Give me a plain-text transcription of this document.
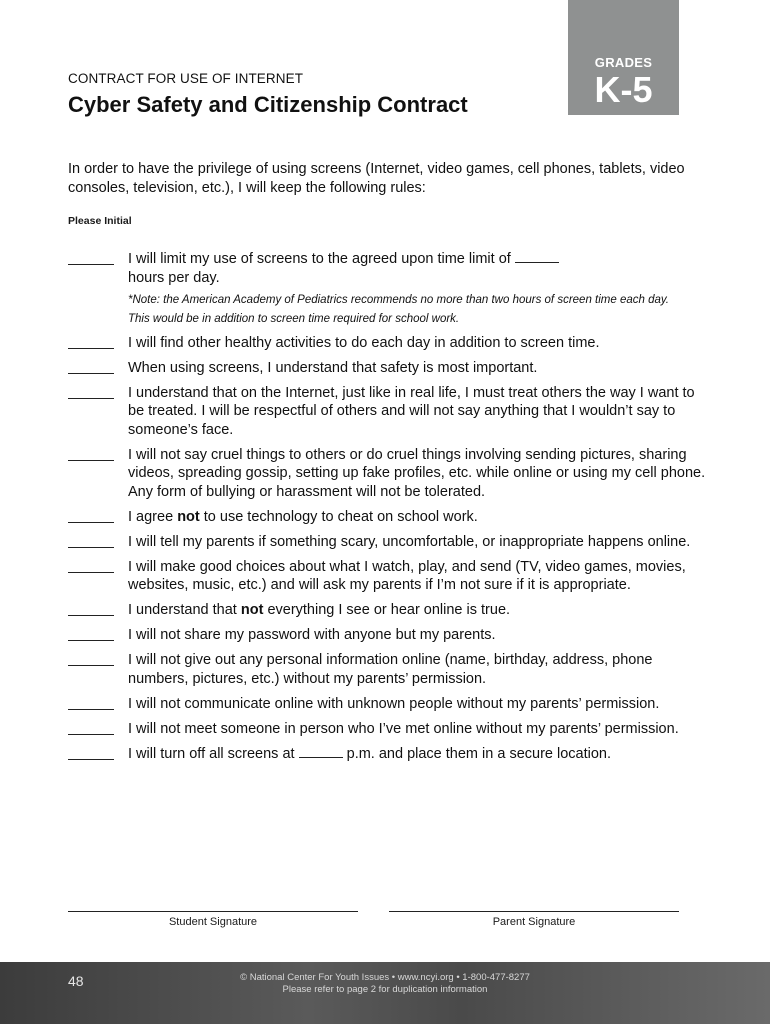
GRADES
K-5
CONTRACT FOR USE OF INTERNET
Cyber Safety and Citizenship Contract
In order to have the privilege of using screens (Internet, video games, cell phones, tablets, video consoles, television, etc.), I will keep the following rules:
Please Initial
I will limit my use of screens to the agreed upon time limit of
hours per day.
*Note: the American Academy of Pediatrics recommends no more than two hours of screen time each day. This would be in addition to screen time required for school work.
I will find other healthy activities to do each day in addition to screen time.
When using screens, I understand that safety is most important.
I understand that on the Internet, just like in real life, I must treat others the way I want to be treated. I will be respectful of others and will not say anything that I wouldn’t say to someone’s face.
I will not say cruel things to others or do cruel things involving sending pictures, sharing videos, spreading gossip, setting up fake profiles, etc. while online or using my cell phone. Any form of bullying or harassment will not be tolerated.
I agree not to use technology to cheat on school work.
I will tell my parents if something scary, uncomfortable, or inappropriate happens online.
I will make good choices about what I watch, play, and send (TV, video games, movies, websites, music, etc.) and will ask my parents if I’m not sure if it is appropriate.
I understand that not everything I see or hear online is true.
I will not share my password with anyone but my parents.
I will not give out any personal information online (name, birthday, address, phone numbers, pictures, etc.) without my parents’ permission.
I will not communicate online with unknown people without my parents’ permission.
I will not meet someone in person who I’ve met online without my parents’ permission.
I will turn off all screens at	p.m. and place them in a secure location.
Student Signature	Parent Signature
48	© National Center For Youth Issues • www.ncyi.org • 1-800-477-8277
Please refer to page 2 for duplication information
